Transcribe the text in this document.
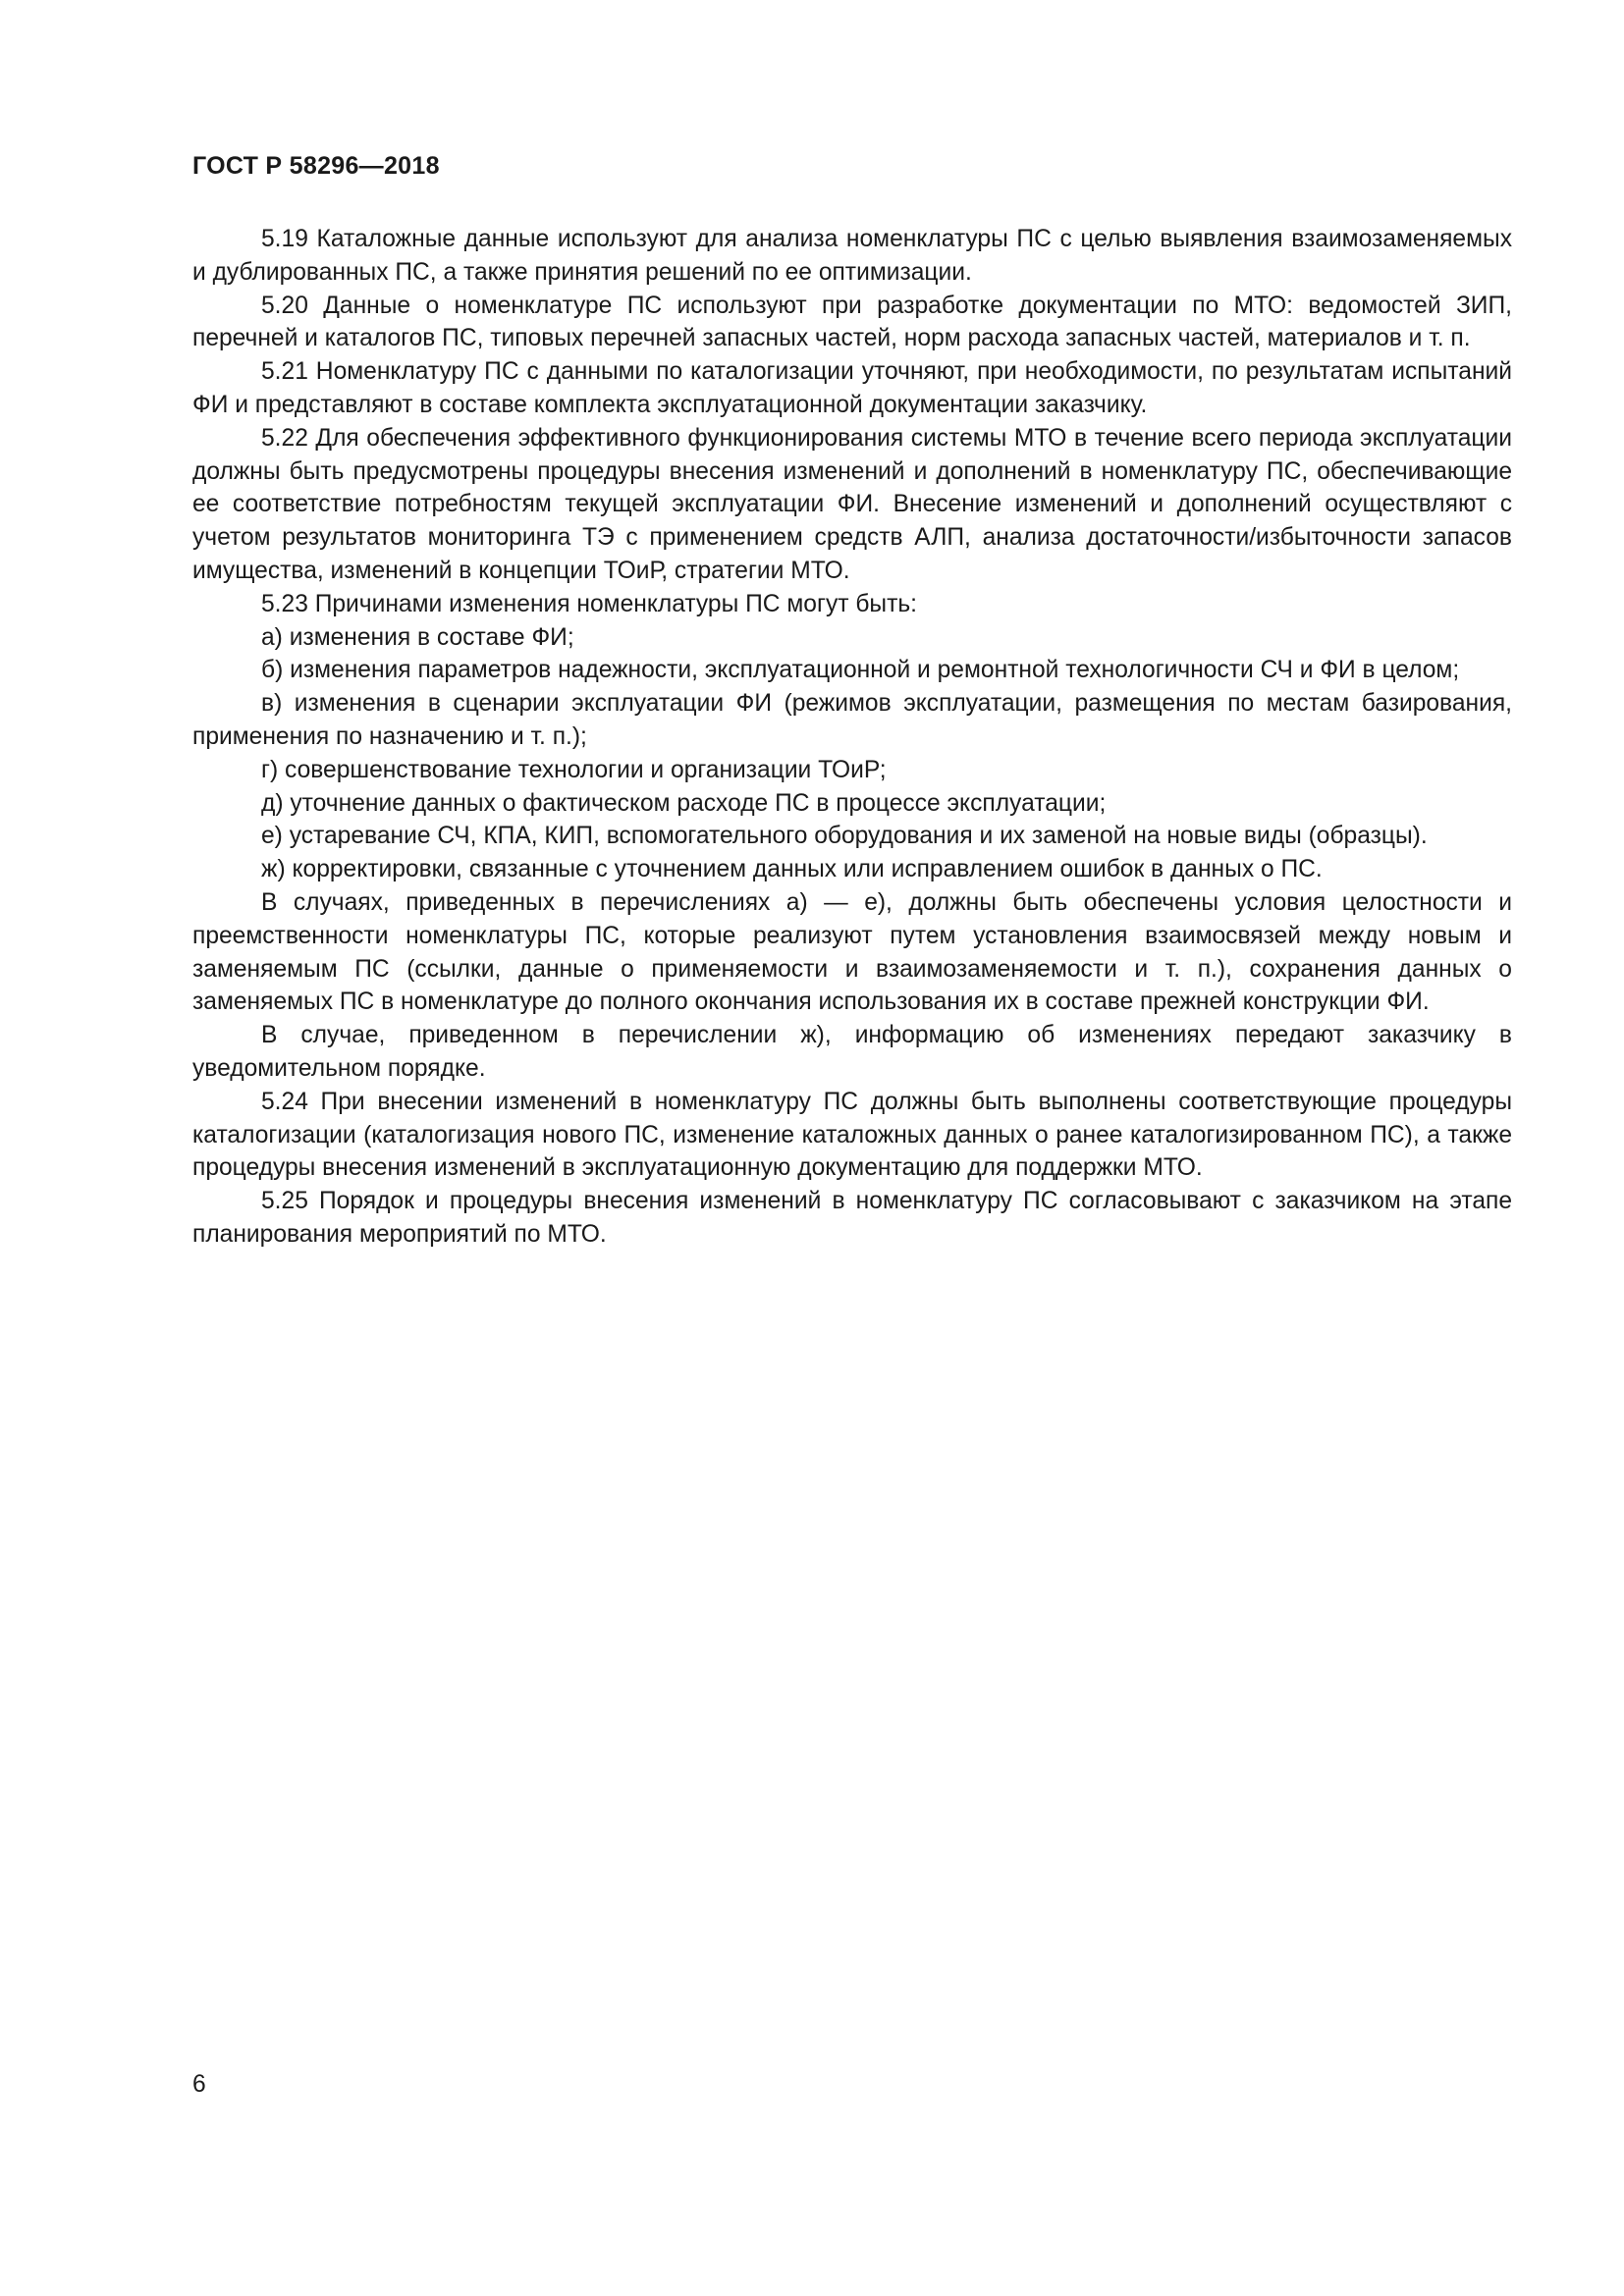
ГОСТ Р 58296—2018

5.19 Каталожные данные используют для анализа номенклатуры ПС с целью выявления взаимозаменяемых и дублированных ПС, а также принятия решений по ее оптимизации.

5.20 Данные о номенклатуре ПС используют при разработке документации по МТО: ведомостей ЗИП, перечней и каталогов ПС, типовых перечней запасных частей, норм расхода запасных частей, материалов и т. п.

5.21 Номенклатуру ПС с данными по каталогизации уточняют, при необходимости, по результатам испытаний ФИ и представляют в составе комплекта эксплуатационной документации заказчику.

5.22 Для обеспечения эффективного функционирования системы МТО в течение всего периода эксплуатации должны быть предусмотрены процедуры внесения изменений и дополнений в номенклатуру ПС, обеспечивающие ее соответствие потребностям текущей эксплуатации ФИ. Внесение изменений и дополнений осуществляют с учетом результатов мониторинга ТЭ с применением средств АЛП, анализа достаточности/избыточности запасов имущества, изменений в концепции ТОиР, стратегии МТО.

5.23 Причинами изменения номенклатуры ПС могут быть:

а) изменения в составе ФИ;

б) изменения параметров надежности, эксплуатационной и ремонтной технологичности СЧ и ФИ в целом;

в) изменения в сценарии эксплуатации ФИ (режимов эксплуатации, размещения по местам базирования, применения по назначению и т. п.);

г) совершенствование технологии и организации ТОиР;

д) уточнение данных о фактическом расходе ПС в процессе эксплуатации;

е) устаревание СЧ, КПА, КИП, вспомогательного оборудования и их заменой на новые виды (образцы).

ж) корректировки, связанные с уточнением данных или исправлением ошибок в данных о ПС.

В случаях, приведенных в перечислениях а) — е), должны быть обеспечены условия целостности и преемственности номенклатуры ПС, которые реализуют путем установления взаимосвязей между новым и заменяемым ПС (ссылки, данные о применяемости и взаимозаменяемости и т. п.), сохранения данных о заменяемых ПС в номенклатуре до полного окончания использования их в составе прежней конструкции ФИ.

В случае, приведенном в перечислении ж), информацию об изменениях передают заказчику в уведомительном порядке.

5.24 При внесении изменений в номенклатуру ПС должны быть выполнены соответствующие процедуры каталогизации (каталогизация нового ПС, изменение каталожных данных о ранее каталогизированном ПС), а также процедуры внесения изменений в эксплуатационную документацию для поддержки МТО.

5.25 Порядок и процедуры внесения изменений в номенклатуру ПС согласовывают с заказчиком на этапе планирования мероприятий по МТО.

6
